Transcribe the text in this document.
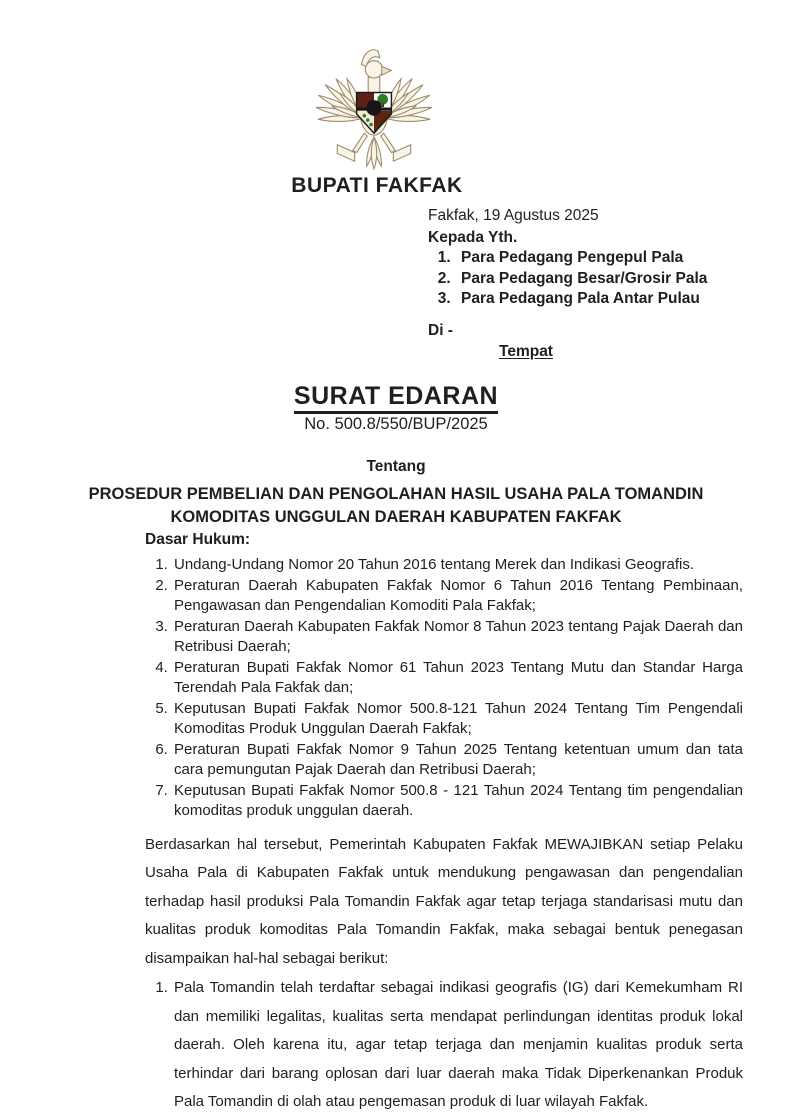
BUPATI FAKFAK
Fakfak, 19 Agustus 2025
Kepada Yth.
1. Para Pedagang Pengepul Pala
2. Para Pedagang Besar/Grosir Pala
3. Para Pedagang Pala Antar Pulau
Di -
Tempat
SURAT EDARAN
No. 500.8/550/BUP/2025
Tentang
PROSEDUR PEMBELIAN DAN PENGOLAHAN HASIL USAHA PALA TOMANDIN
KOMODITAS UNGGULAN DAERAH KABUPATEN FAKFAK
Dasar Hukum:
1. Undang-Undang Nomor 20 Tahun 2016 tentang Merek dan Indikasi Geografis.
2. Peraturan Daerah Kabupaten Fakfak Nomor 6 Tahun 2016 Tentang Pembinaan, Pengawasan dan Pengendalian Komoditi Pala Fakfak;
3. Peraturan Daerah Kabupaten Fakfak Nomor 8 Tahun 2023 tentang Pajak Daerah dan Retribusi Daerah;
4. Peraturan Bupati Fakfak Nomor 61 Tahun 2023 Tentang Mutu dan Standar Harga Terendah Pala Fakfak dan;
5. Keputusan Bupati Fakfak Nomor 500.8-121 Tahun 2024 Tentang Tim Pengendali Komoditas Produk Unggulan Daerah Fakfak;
6. Peraturan Bupati Fakfak Nomor 9 Tahun 2025 Tentang ketentuan umum dan tata cara pemungutan Pajak Daerah dan Retribusi Daerah;
7. Keputusan Bupati Fakfak Nomor 500.8 - 121 Tahun 2024 Tentang tim pengendalian komoditas produk unggulan daerah.

Berdasarkan hal tersebut, Pemerintah Kabupaten Fakfak MEWAJIBKAN setiap Pelaku Usaha Pala di Kabupaten Fakfak untuk mendukung pengawasan dan pengendalian terhadap hasil produksi Pala Tomandin Fakfak agar tetap terjaga standarisasi mutu dan kualitas produk komoditas Pala Tomandin Fakfak, maka sebagai bentuk penegasan disampaikan hal-hal sebagai berikut:

1. Pala Tomandin telah terdaftar sebagai indikasi geografis (IG) dari Kemekumham RI dan memiliki legalitas, kualitas serta mendapat perlindungan identitas produk lokal daerah. Oleh karena itu, agar tetap terjaga dan menjamin kualitas produk serta terhindar dari barang oplosan dari luar daerah maka Tidak Diperkenankan Produk Pala Tomandin di olah atau pengemasan produk di luar wilayah Fakfak.
